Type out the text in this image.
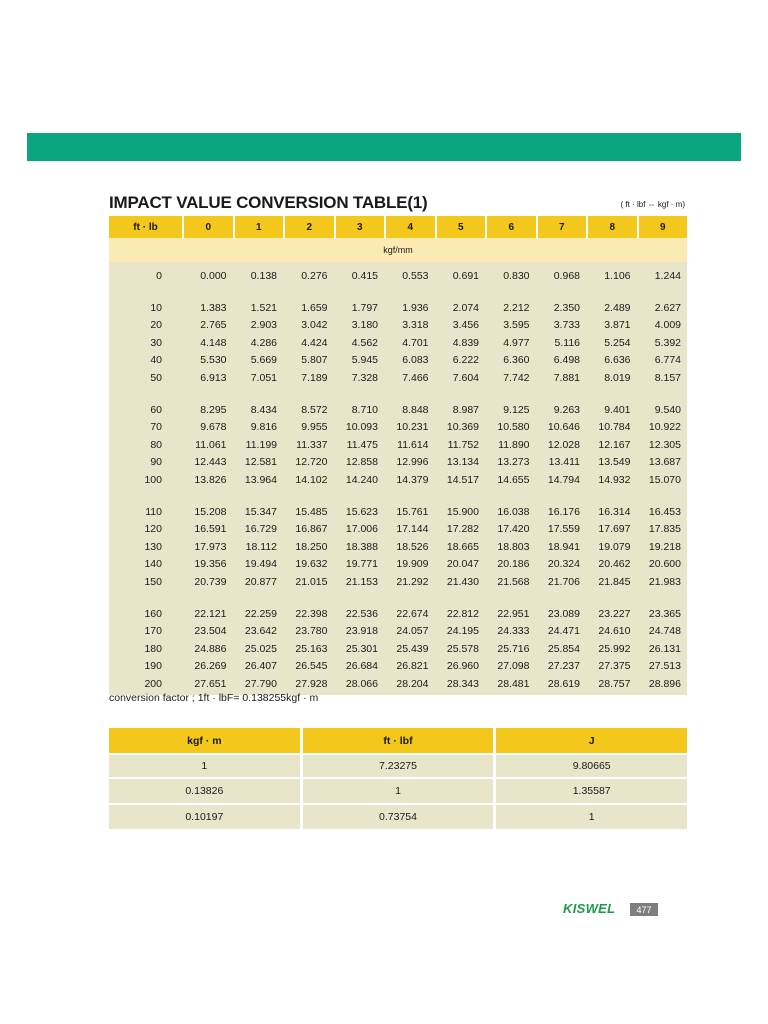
IMPACT VALUE CONVERSION TABLE(1)	( ft · lbf ⇔ kgf · m)
ft · lb	0	1	2	3	4	5	6	7	8	9
kgf/mm
0	0.000	0.138	0.276	0.415	0.553	0.691	0.830	0.968	1.106	1.244
10	1.383	1.521	1.659	1.797	1.936	2.074	2.212	2.350	2.489	2.627
20	2.765	2.903	3.042	3.180	3.318	3.456	3.595	3.733	3.871	4.009
30	4.148	4.286	4.424	4.562	4.701	4.839	4.977	5.116	5.254	5.392
40	5.530	5.669	5.807	5.945	6.083	6.222	6.360	6.498	6.636	6.774
50	6.913	7.051	7.189	7.328	7.466	7.604	7.742	7.881	8.019	8.157
60	8.295	8.434	8.572	8.710	8.848	8.987	9.125	9.263	9.401	9.540
70	9.678	9.816	9.955	10.093	10.231	10.369	10.580	10.646	10.784	10.922
80	11.061	11.199	11.337	11.475	11.614	11.752	11.890	12.028	12.167	12.305
90	12.443	12.581	12.720	12.858	12.996	13.134	13.273	13.411	13.549	13.687
100	13.826	13.964	14.102	14.240	14.379	14.517	14.655	14.794	14.932	15.070
110	15.208	15.347	15.485	15.623	15.761	15.900	16.038	16.176	16.314	16.453
120	16.591	16.729	16.867	17.006	17.144	17.282	17.420	17.559	17.697	17.835
130	17.973	18.112	18.250	18.388	18.526	18.665	18.803	18.941	19.079	19.218
140	19.356	19.494	19.632	19.771	19.909	20.047	20.186	20.324	20.462	20.600
150	20.739	20.877	21.015	21.153	21.292	21.430	21.568	21.706	21.845	21.983
160	22.121	22.259	22.398	22.536	22.674	22.812	22.951	23.089	23.227	23.365
170	23.504	23.642	23.780	23.918	24.057	24.195	24.333	24.471	24.610	24.748
180	24.886	25.025	25.163	25.301	25.439	25.578	25.716	25.854	25.992	26.131
190	26.269	26.407	26.545	26.684	26.821	26.960	27.098	27.237	27.375	27.513
200	27.651	27.790	27.928	28.066	28.204	28.343	28.481	28.619	28.757	28.896
conversion factor ; 1ft · lbF= 0.138255kgf · m
kgf · m	ft · lbf	J
1	7.23275	9.80665
0.13826	1	1.35587
0.10197	0.73754	1
KISWEL	477
